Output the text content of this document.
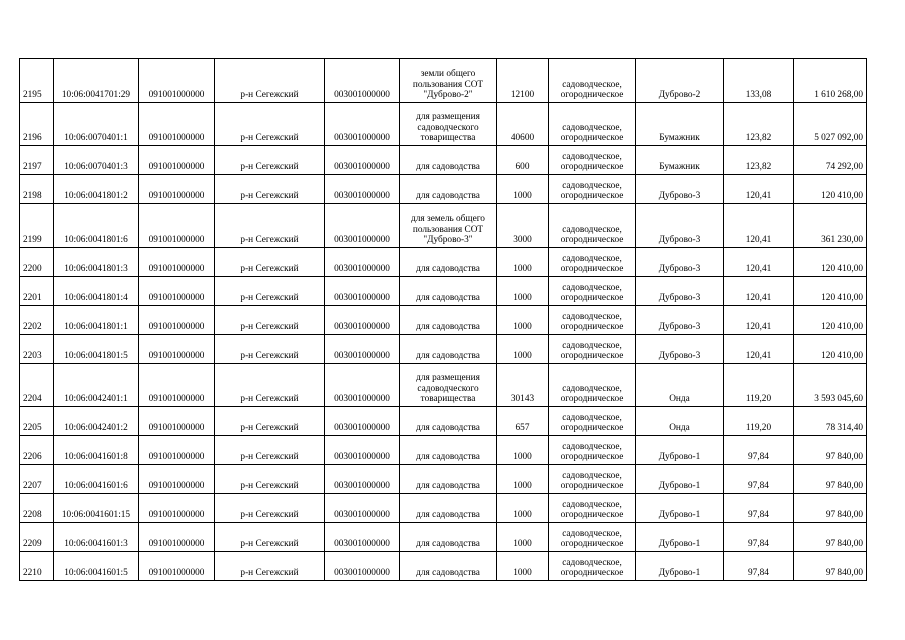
2195	10:06:0041701:29	091001000000	р-н Сегежский	003001000000	земли общего пользования СОТ "Дуброво-2"	12100	садоводческое, огородническое	Дуброво-2	133,08	1 610 268,00
2196	10:06:0070401:1	091001000000	р-н Сегежский	003001000000	для размещения садоводческого товарищества	40600	садоводческое, огородническое	Бумажник	123,82	5 027 092,00
2197	10:06:0070401:3	091001000000	р-н Сегежский	003001000000	для садоводства	600	садоводческое, огородническое	Бумажник	123,82	74 292,00
2198	10:06:0041801:2	091001000000	р-н Сегежский	003001000000	для садоводства	1000	садоводческое, огородническое	Дуброво-3	120,41	120 410,00
2199	10:06:0041801:6	091001000000	р-н Сегежский	003001000000	для земель общего пользования СОТ "Дуброво-3"	3000	садоводческое, огородническое	Дуброво-3	120,41	361 230,00
2200	10:06:0041801:3	091001000000	р-н Сегежский	003001000000	для садоводства	1000	садоводческое, огородническое	Дуброво-3	120,41	120 410,00
2201	10:06:0041801:4	091001000000	р-н Сегежский	003001000000	для садоводства	1000	садоводческое, огородническое	Дуброво-3	120,41	120 410,00
2202	10:06:0041801:1	091001000000	р-н Сегежский	003001000000	для садоводства	1000	садоводческое, огородническое	Дуброво-3	120,41	120 410,00
2203	10:06:0041801:5	091001000000	р-н Сегежский	003001000000	для садоводства	1000	садоводческое, огородническое	Дуброво-3	120,41	120 410,00
2204	10:06:0042401:1	091001000000	р-н Сегежский	003001000000	для размещения садоводческого товарищества	30143	садоводческое, огородническое	Онда	119,20	3 593 045,60
2205	10:06:0042401:2	091001000000	р-н Сегежский	003001000000	для садоводства	657	садоводческое, огородническое	Онда	119,20	78 314,40
2206	10:06:0041601:8	091001000000	р-н Сегежский	003001000000	для садоводства	1000	садоводческое, огородническое	Дуброво-1	97,84	97 840,00
2207	10:06:0041601:6	091001000000	р-н Сегежский	003001000000	для садоводства	1000	садоводческое, огородническое	Дуброво-1	97,84	97 840,00
2208	10:06:0041601:15	091001000000	р-н Сегежский	003001000000	для садоводства	1000	садоводческое, огородническое	Дуброво-1	97,84	97 840,00
2209	10:06:0041601:3	091001000000	р-н Сегежский	003001000000	для садоводства	1000	садоводческое, огородническое	Дуброво-1	97,84	97 840,00
2210	10:06:0041601:5	091001000000	р-н Сегежский	003001000000	для садоводства	1000	садоводческое, огородническое	Дуброво-1	97,84	97 840,00
